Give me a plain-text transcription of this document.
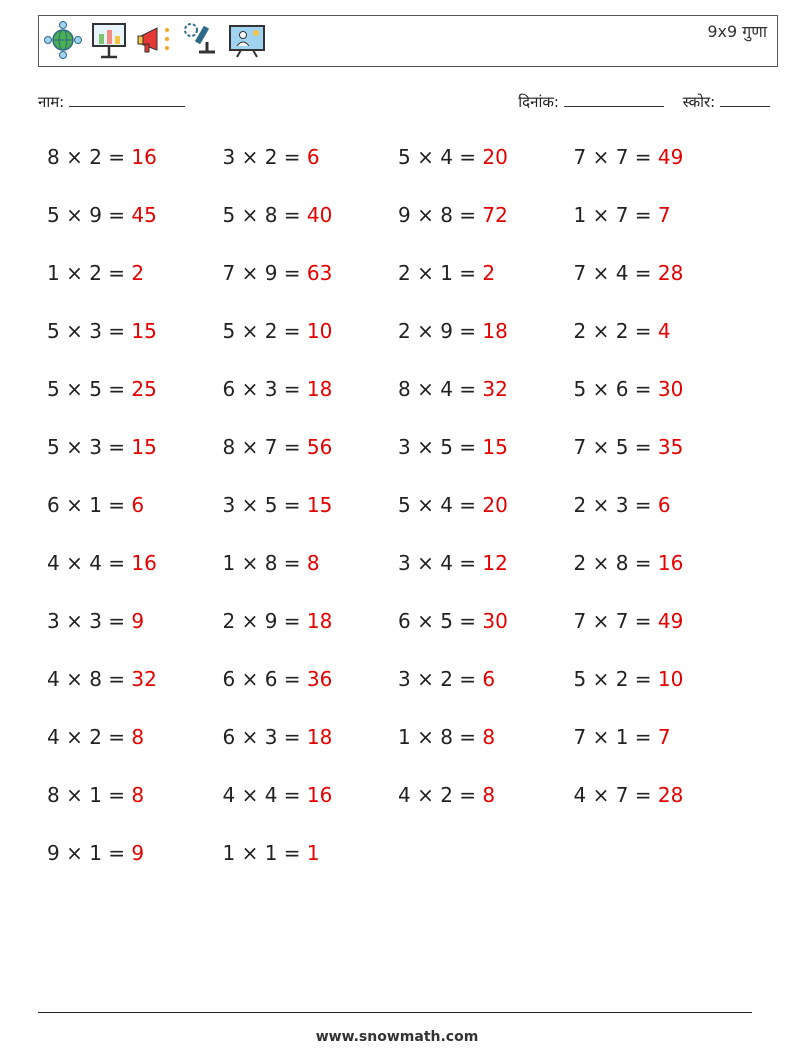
9x9 गुणा
नाम:	दिनांक:	स्कोर:
8 × 2 = 16	3 × 2 = 6	5 × 4 = 20	7 × 7 = 49
5 × 9 = 45	5 × 8 = 40	9 × 8 = 72	1 × 7 = 7
1 × 2 = 2	7 × 9 = 63	2 × 1 = 2	7 × 4 = 28
5 × 3 = 15	5 × 2 = 10	2 × 9 = 18	2 × 2 = 4
5 × 5 = 25	6 × 3 = 18	8 × 4 = 32	5 × 6 = 30
5 × 3 = 15	8 × 7 = 56	3 × 5 = 15	7 × 5 = 35
6 × 1 = 6	3 × 5 = 15	5 × 4 = 20	2 × 3 = 6
4 × 4 = 16	1 × 8 = 8	3 × 4 = 12	2 × 8 = 16
3 × 3 = 9	2 × 9 = 18	6 × 5 = 30	7 × 7 = 49
4 × 8 = 32	6 × 6 = 36	3 × 2 = 6	5 × 2 = 10
4 × 2 = 8	6 × 3 = 18	1 × 8 = 8	7 × 1 = 7
8 × 1 = 8	4 × 4 = 16	4 × 2 = 8	4 × 7 = 28
9 × 1 = 9	1 × 1 = 1
www.snowmath.com
